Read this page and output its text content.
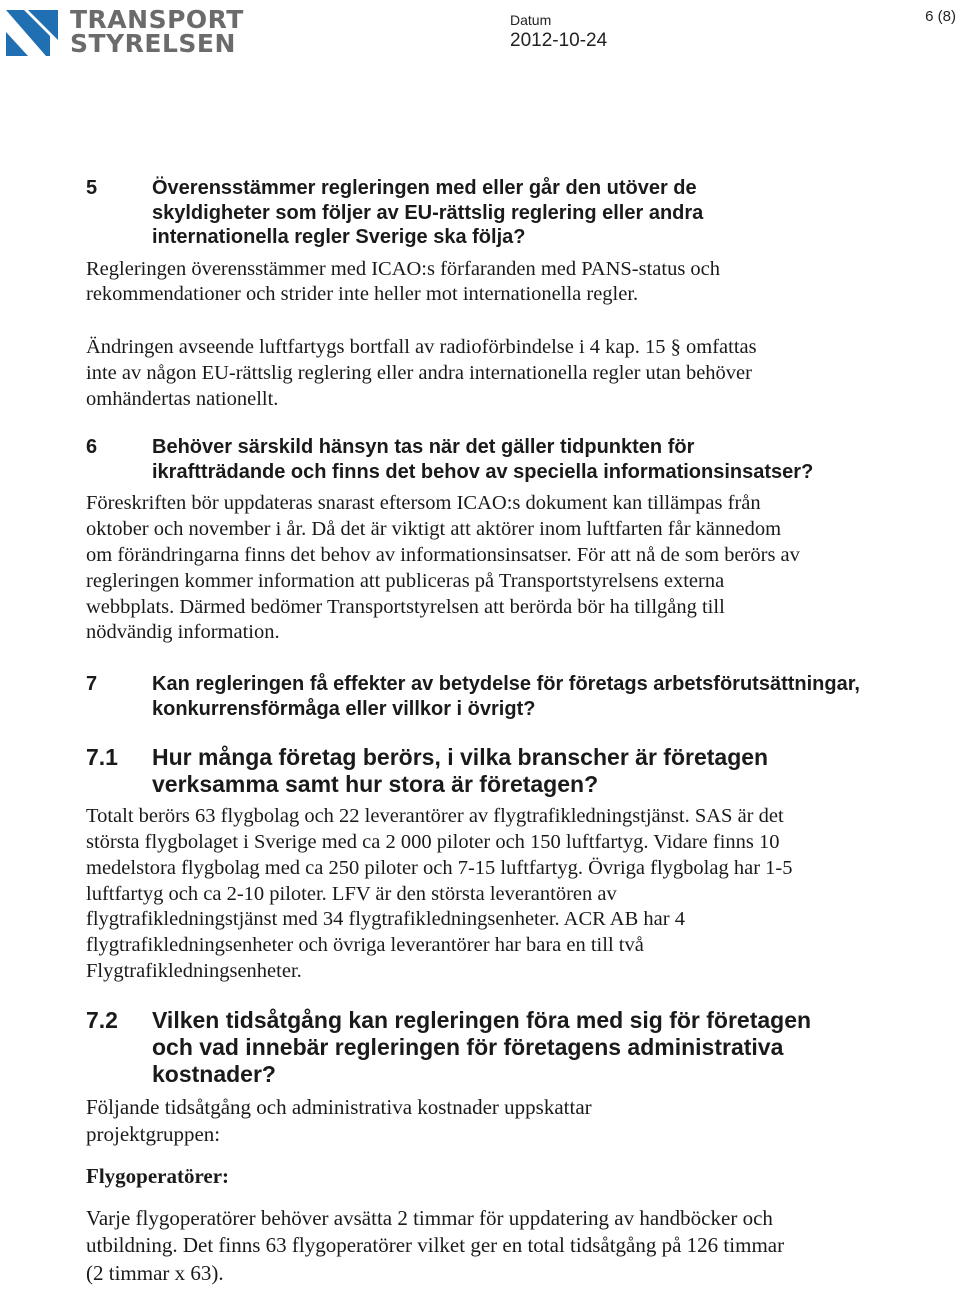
TRANSPORT
STYRELSEN
Datum
2012-10-24
6 (8)
5	Överensstämmer regleringen med eller går den utöver de skyldigheter som följer av EU-rättslig reglering eller andra internationella regler Sverige ska följa?

Regleringen överensstämmer med ICAO:s förfaranden med PANS-status och rekommendationer och strider inte heller mot internationella regler.

Ändringen avseende luftfartygs bortfall av radioförbindelse i 4 kap. 15 § omfattas inte av någon EU-rättslig reglering eller andra internationella regler utan behöver omhändertas nationellt.

6	Behöver särskild hänsyn tas när det gäller tidpunkten för ikraftträdande och finns det behov av speciella informationsinsatser?

Föreskriften bör uppdateras snarast eftersom ICAO:s dokument kan tillämpas från oktober och november i år. Då det är viktigt att aktörer inom luftfarten får kännedom om förändringarna finns det behov av informationsinsatser. För att nå de som berörs av regleringen kommer information att publiceras på Transportstyrelsens externa webbplats. Därmed bedömer Transportstyrelsen att berörda bör ha tillgång till nödvändig information.

7	Kan regleringen få effekter av betydelse för företags arbetsförutsättningar, konkurrensförmåga eller villkor i övrigt?
7.1 Hur många företag berörs, i vilka branscher är företagen verksamma samt hur stora är företagen?

Totalt berörs 63 flygbolag och 22 leverantörer av flygtrafikledningstjänst. SAS är det största flygbolaget i Sverige med ca 2 000 piloter och 150 luftfartyg. Vidare finns 10 medelstora flygbolag med ca 250 piloter och 7-15 luftfartyg. Övriga flygbolag har 1-5 luftfartyg och ca 2-10 piloter. LFV är den största leverantören av flygtrafikledningstjänst med 34 flygtrafikledningsenheter. ACR AB har 4 flygtrafikledningsenheter och övriga leverantörer har bara en till två Flygtrafikledningsenheter.

7.2 Vilken tidsåtgång kan regleringen föra med sig för företagen och vad innebär regleringen för företagens administrativa kostnader?

Följande tidsåtgång och administrativa kostnader uppskattar projektgruppen:

Flygoperatörer:

Varje flygoperatörer behöver avsätta 2 timmar för uppdatering av handböcker och utbildning. Det finns 63 flygoperatörer vilket ger en total tidsåtgång på 126 timmar (2 timmar x 63).
